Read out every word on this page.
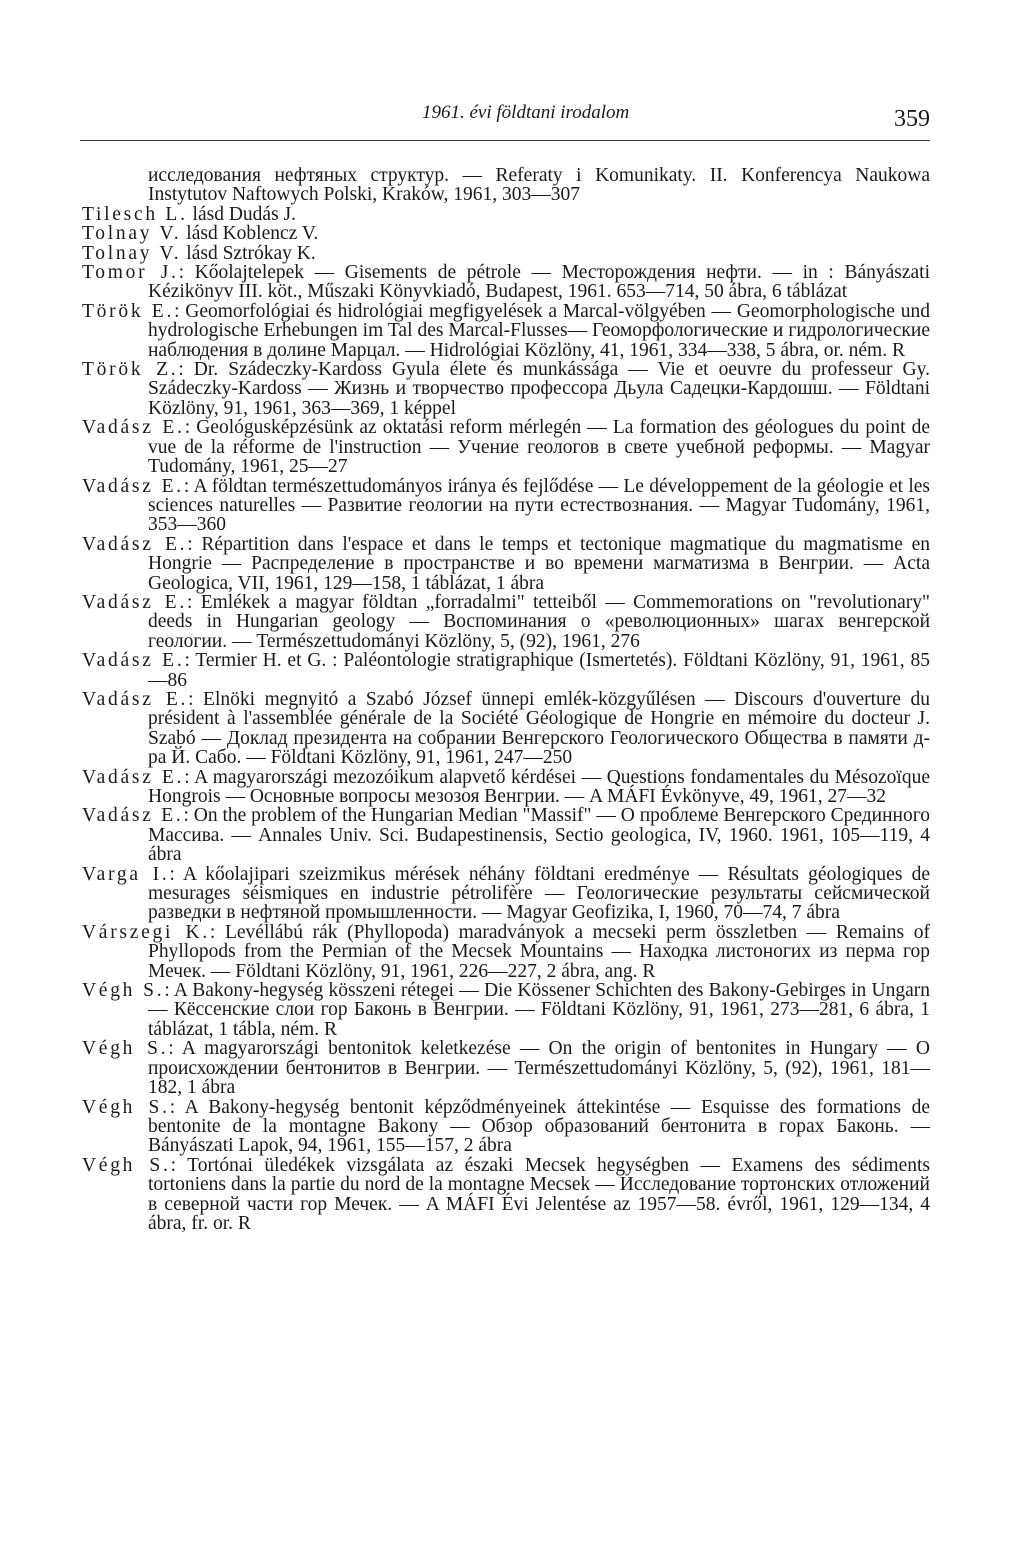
1961. évi földtani irodalom	359

исследования нефтяных структур. — Referaty i Komunikaty. II. Konferencya Naukowa Instytutov Naftowych Polski, Kraków, 1961, 303—307

Tilesch L. lásd Dudás J.

Tolnay V. lásd Koblencz V.

Tolnay V. lásd Sztrókay K.

Tomor J.: Kőolajtelepek — Gisements de pétrole — Месторождения нефти. — in : Bányászati Kézikönyv III. köt., Műszaki Könyvkiadó, Budapest, 1961. 653—714, 50 ábra, 6 táblázat

Török E.: Geomorfológiai és hidrológiai megfigyelések a Marcal-völgyében — Geomorphologische und hydrologische Erhebungen im Tal des Marcal-Flusses— Геоморфологические и гидрологические наблюдения в долине Марцал. — Hidrológiai Közlöny, 41, 1961, 334—338, 5 ábra, or. ném. R

Török Z.: Dr. Szádeczky-Kardoss Gyula élete és munkássága — Vie et oeuvre du professeur Gy. Szádeczky-Kardoss — Жизнь и творчество профессора Дьула Садецки-Кардошш. — Földtani Közlöny, 91, 1961, 363—369, 1 képpel

Vadász E.: Geológusképzésünk az oktatási reform mérlegén — La formation des géologues du point de vue de la réforme de l'instruction — Учение геологов в свете учебной реформы. — Magyar Tudomány, 1961, 25—27

Vadász E.: A földtan természettudományos iránya és fejlődése — Le développement de la géologie et les sciences naturelles — Развитие геологии на пути естествознания. — Magyar Tudomány, 1961, 353—360

Vadász E.: Répartition dans l'espace et dans le temps et tectonique magmatique du magmatisme en Hongrie — Распределение в пространстве и во времени магматизма в Венгрии. — Acta Geologica, VII, 1961, 129—158, 1 táblázat, 1 ábra

Vadász E.: Emlékek a magyar földtan „forradalmi" tetteiből — Commemorations on "revolutionary" deeds in Hungarian geology — Воспоминания о «революционных» шагах венгерской геологии. — Természettudományi Közlöny, 5, (92), 1961, 276

Vadász E.: Termier H. et G. : Paléontologie stratigraphique (Ismertetés). Földtani Közlöny, 91, 1961, 85—86

Vadász E.: Elnöki megnyitó a Szabó József ünnepi emlék-közgyűlésen — Discours d'ouverture du président à l'assemblée générale de la Société Géologique de Hongrie en mémoire du docteur J. Szabó — Доклад президента на собрании Венгерского Геологического Общества в памяти д-ра Й. Сабо. — Földtani Közlöny, 91, 1961, 247—250

Vadász E.: A magyarországi mezozóikum alapvető kérdései — Questions fondamentales du Mésozoïque Hongrois — Основные вопросы мезозоя Венгрии. — A MÁFI Évkönyve, 49, 1961, 27—32

Vadász E.: On the problem of the Hungarian Median "Massif" — О проблеме Венгерского Срединного Массива. — Annales Univ. Sci. Budapestinensis, Sectio geologica, IV, 1960. 1961, 105—119, 4 ábra

Varga I.: A kőolajipari szeizmikus mérések néhány földtani eredménye — Résultats géologiques de mesurages séismiques en industrie pétrolifère — Геологические результаты сейсмической разведки в нефтяной промышленности. — Magyar Geofizika, I, 1960, 70—74, 7 ábra

Várszegi K.: Levéllábú rák (Phyllopoda) maradványok a mecseki perm összletben — Remains of Phyllopods from the Permian of the Mecsek Mountains — Находка листоногих из перма гор Мечек. — Földtani Közlöny, 91, 1961, 226—227, 2 ábra, ang. R

Végh S.: A Bakony-hegység kösszeni rétegei — Die Kössener Schichten des Bakony-Gebirges in Ungarn — Кёссенские слои гор Баконь в Венгрии. — Földtani Közlöny, 91, 1961, 273—281, 6 ábra, 1 táblázat, 1 tábla, ném. R

Végh S.: A magyarországi bentonitok keletkezése — On the origin of bentonites in Hungary — О происхождении бентонитов в Венгрии. — Természettudományi Közlöny, 5, (92), 1961, 181—182, 1 ábra

Végh S.: A Bakony-hegység bentonit képződményeinek áttekintése — Esquisse des formations de bentonite de la montagne Bakony — Обзор образований бентонита в горах Баконь. — Bányászati Lapok, 94, 1961, 155—157, 2 ábra

Végh S.: Tortónai üledékek vizsgálata az északi Mecsek hegységben — Examens des sédiments tortoniens dans la partie du nord de la montagne Mecsek — Исследование тортонских отложений в северной части гор Мечек. — A MÁFI Évi Jelentése az 1957—58. évről, 1961, 129—134, 4 ábra, fr. or. R
